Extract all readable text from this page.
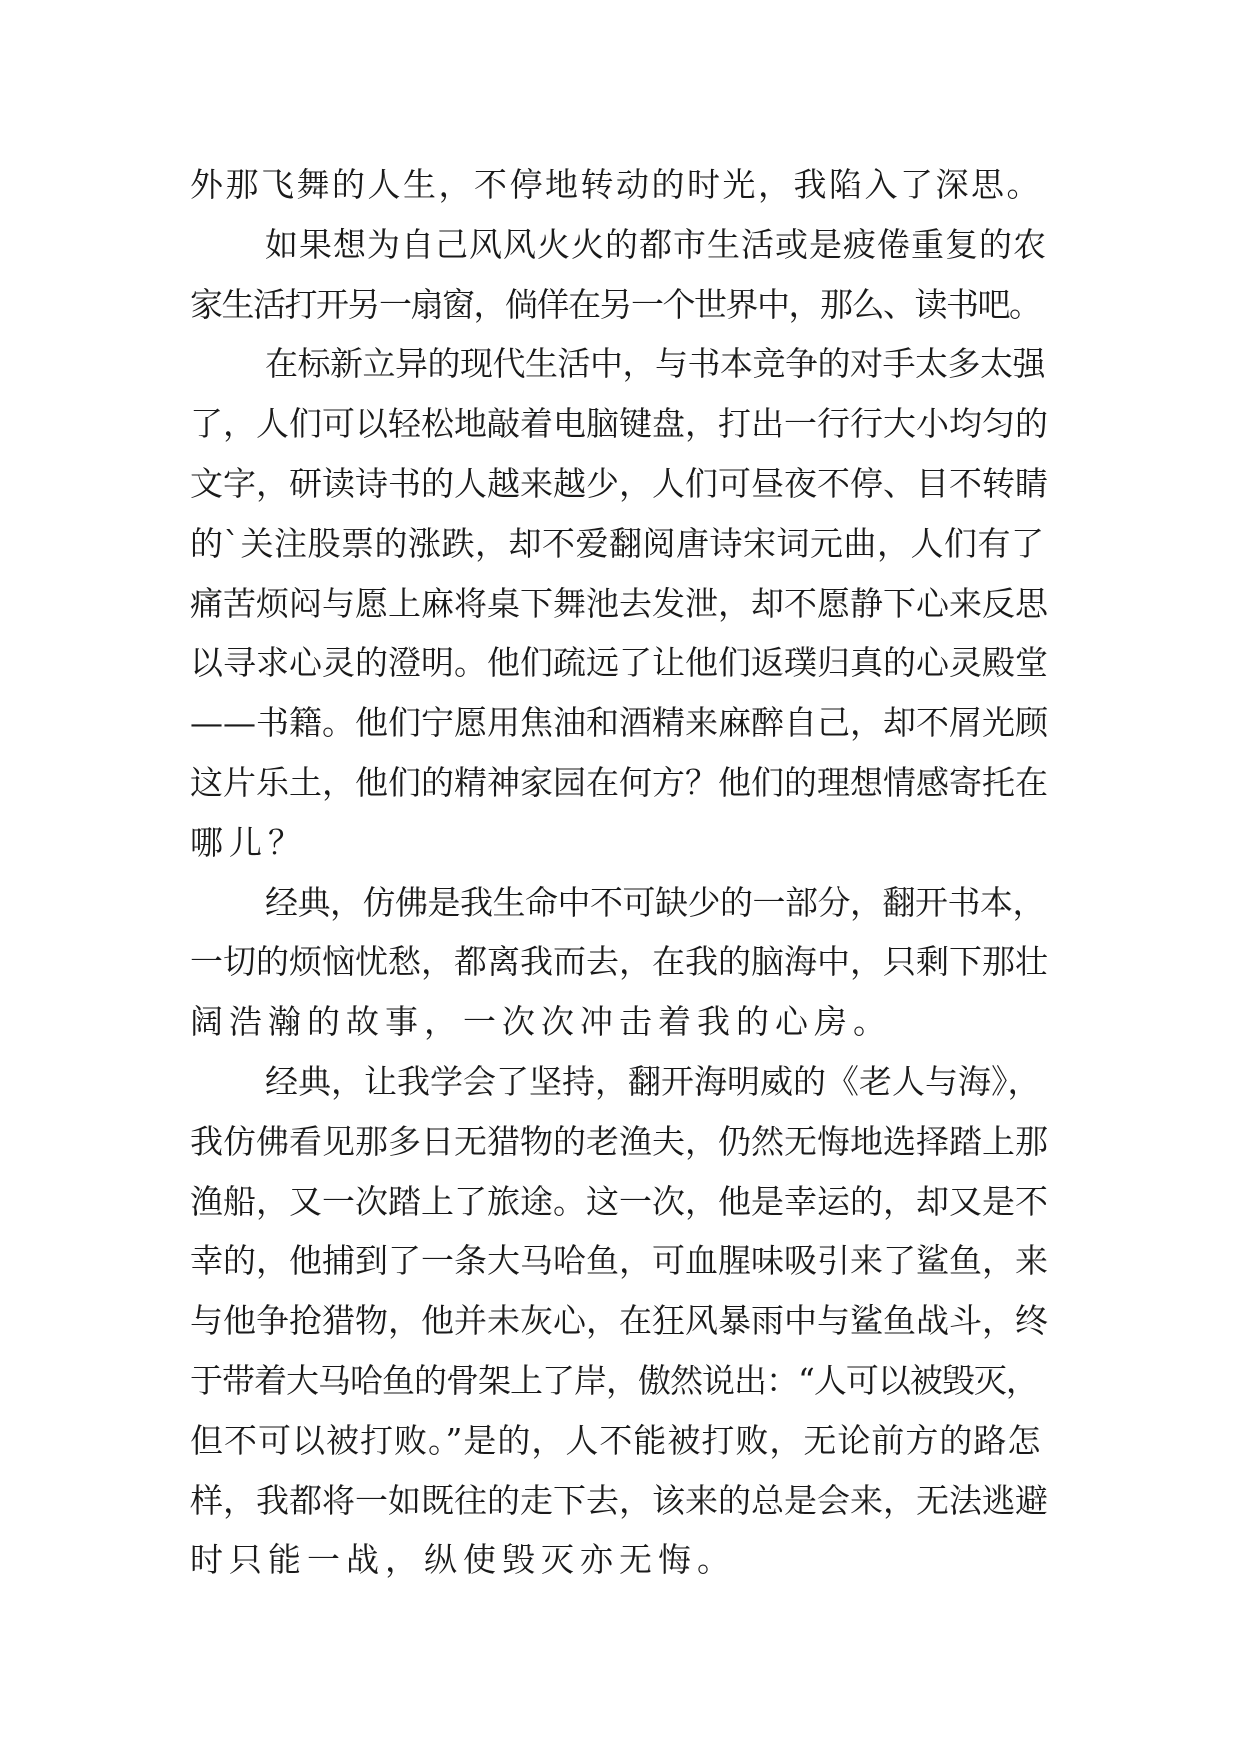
外那飞舞的人生，不停地转动的时光，我陷入了深思。
如果想为自己风风火火的都市生活或是疲倦重复的农
家生活打开另一扇窗，倘佯在另一个世界中，那么、读书吧。
在标新立异的现代生活中，与书本竞争的对手太多太强
了，人们可以轻松地敲着电脑键盘，打出一行行大小均匀的
文字，研读诗书的人越来越少，人们可昼夜不停、目不转睛
的`关注股票的涨跌，却不爱翻阅唐诗宋词元曲，人们有了
痛苦烦闷与愿上麻将桌下舞池去发泄，却不愿静下心来反思
以寻求心灵的澄明。他们疏远了让他们返璞归真的心灵殿堂
——书籍。他们宁愿用焦油和酒精来麻醉自己，却不屑光顾
这片乐土，他们的精神家园在何方？他们的理想情感寄托在
哪儿？
经典，仿佛是我生命中不可缺少的一部分，翻开书本，
一切的烦恼忧愁，都离我而去，在我的脑海中，只剩下那壮
阔浩瀚的故事，一次次冲击着我的心房。
经典，让我学会了坚持，翻开海明威的《老人与海》，
我仿佛看见那多日无猎物的老渔夫，仍然无悔地选择踏上那
渔船，又一次踏上了旅途。这一次，他是幸运的，却又是不
幸的，他捕到了一条大马哈鱼，可血腥味吸引来了鲨鱼，来
与他争抢猎物，他并未灰心，在狂风暴雨中与鲨鱼战斗，终
于带着大马哈鱼的骨架上了岸，傲然说出：“人可以被毁灭，
但不可以被打败。”是的，人不能被打败，无论前方的路怎
样，我都将一如既往的走下去，该来的总是会来，无法逃避
时只能一战，纵使毁灭亦无悔。
